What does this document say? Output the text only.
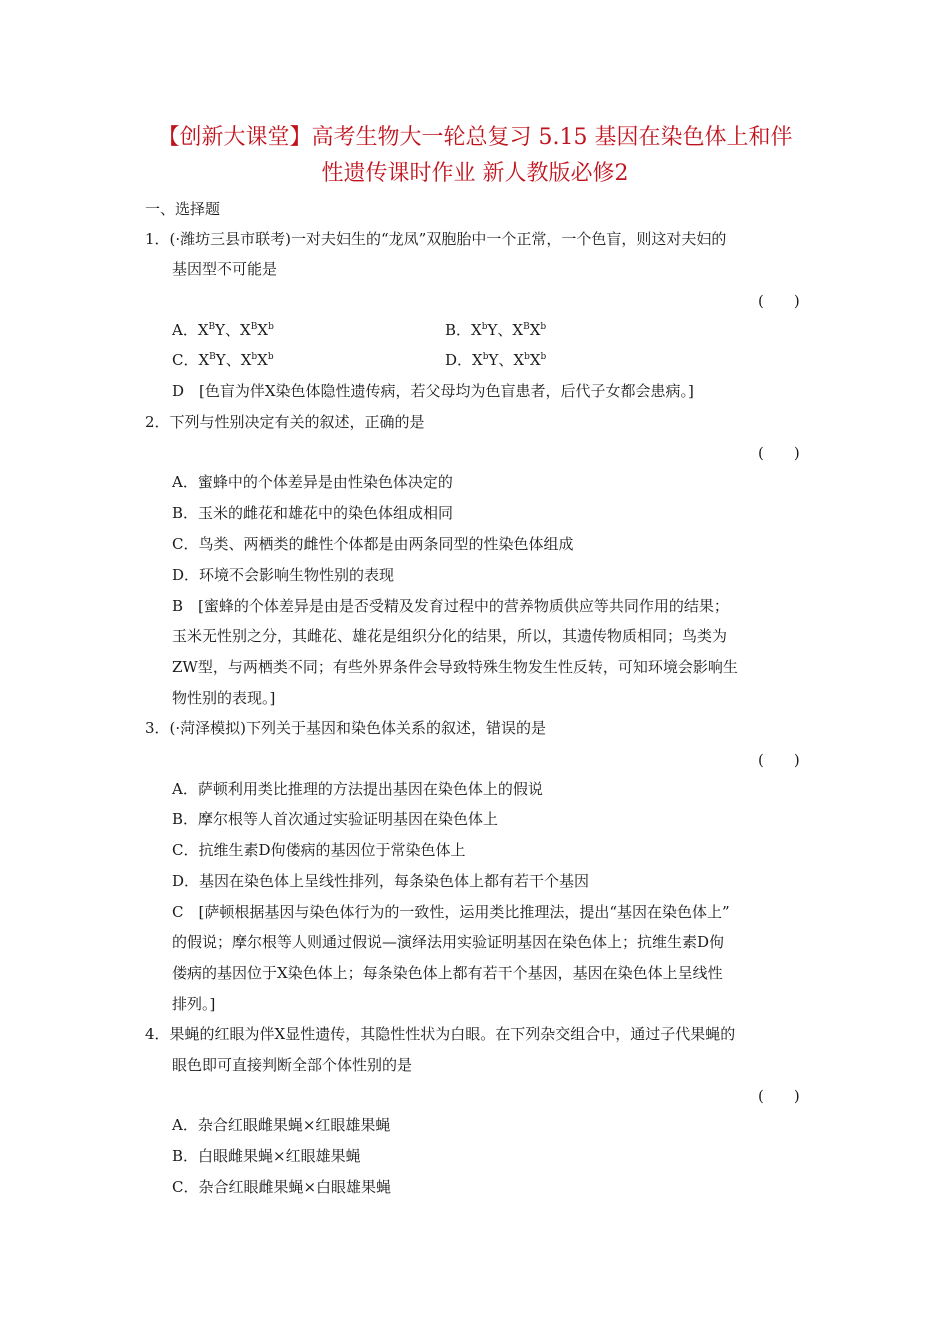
【创新大课堂】高考生物大一轮总复习 5.15 基因在染色体上和伴
性遗传课时作业 新人教版必修2
一、选择题
1．(·潍坊三县市联考)一对夫妇生的“龙凤”双胞胎中一个正常，一个色盲，则这对夫妇的
基因型不可能是
(　　)
A．$X^BY$、$X^BX^b$	B．$X^bY$、$X^BX^b$
C．$X^BY$、$X^bX^b$	D．$X^bY$、$X^bX^b$
D　[色盲为伴X染色体隐性遗传病，若父母均为色盲患者，后代子女都会患病。]
2．下列与性别决定有关的叙述，正确的是
(　　)
A．蜜蜂中的个体差异是由性染色体决定的
B．玉米的雌花和雄花中的染色体组成相同
C．鸟类、两栖类的雌性个体都是由两条同型的性染色体组成
D．环境不会影响生物性别的表现
B　[蜜蜂的个体差异是由是否受精及发育过程中的营养物质供应等共同作用的结果；
玉米无性别之分，其雌花、雄花是组织分化的结果，所以，其遗传物质相同；鸟类为
ZW型，与两栖类不同；有些外界条件会导致特殊生物发生性反转，可知环境会影响生
物性别的表现。]
3．(·菏泽模拟)下列关于基因和染色体关系的叙述，错误的是
(　　)
A．萨顿利用类比推理的方法提出基因在染色体上的假说
B．摩尔根等人首次通过实验证明基因在染色体上
C．抗维生素D佝偻病的基因位于常染色体上
D．基因在染色体上呈线性排列，每条染色体上都有若干个基因
C　[萨顿根据基因与染色体行为的一致性，运用类比推理法，提出“基因在染色体上”
的假说；摩尔根等人则通过假说—演绎法用实验证明基因在染色体上；抗维生素D佝
偻病的基因位于X染色体上；每条染色体上都有若干个基因，基因在染色体上呈线性
排列。]
4．果蝇的红眼为伴X显性遗传，其隐性性状为白眼。在下列杂交组合中，通过子代果蝇的
眼色即可直接判断全部个体性别的是
(　　)
A．杂合红眼雌果蝇×红眼雄果蝇
B．白眼雌果蝇×红眼雄果蝇
C．杂合红眼雌果蝇×白眼雄果蝇
